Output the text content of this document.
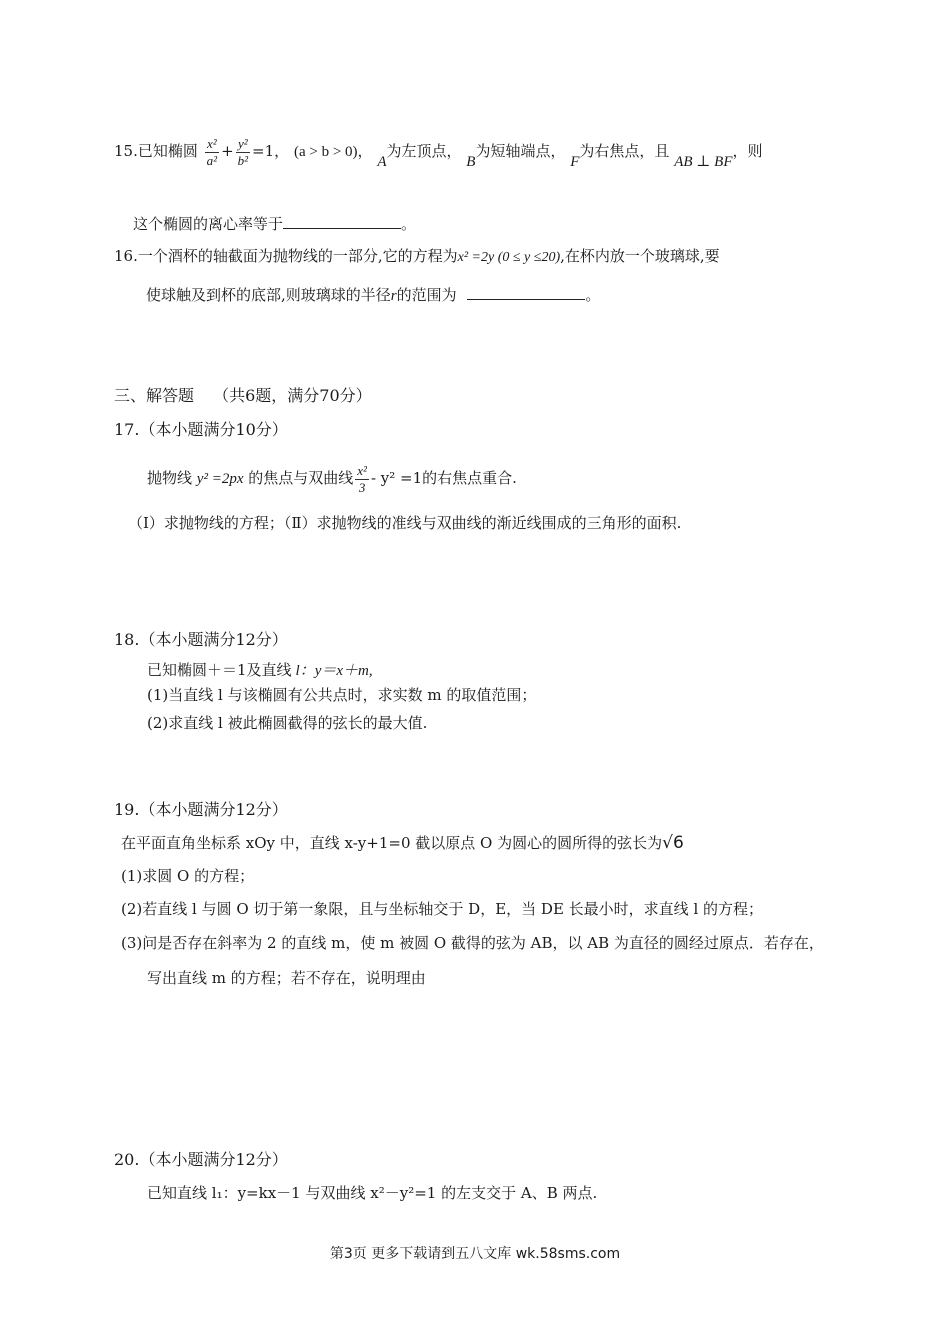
15.已知椭圆 $\frac{\text{x²}}{\text{a²}} + \frac{\text{y²}}{\text{b²}} =1$， (a > b > 0)， A为左顶点， B为短轴端点， F为右焦点，且 AB ⊥ BF，则
这个椭圆的离心率等于	。
16.一个酒杯的轴截面为抛物线的一部分,它的方程为x² =2y (0 ≤ y ≤20),在杯内放一个玻璃球,要
使球触及到杯的底部,则玻璃球的半径r的范围为	。
三、解答题 （共6题，满分70分）
17.（本小题满分10分）
抛物线 y² =2px 的焦点与双曲线 $\frac{\text{x²}}{3} - y^2 =1$的右焦点重合.
（Ⅰ）求抛物线的方程；（Ⅱ）求抛物线的准线与双曲线的渐近线围成的三角形的面积.
18.（本小题满分12分）
已知椭圆＋＝1及直线 l：y＝x＋m,
(1)当直线 l 与该椭圆有公共点时，求实数 m 的取值范围；
(2)求直线 l 被此椭圆截得的弦长的最大值.
19.（本小题满分12分）
在平面直角坐标系 xOy 中，直线 x-y+1=0 截以原点 O 为圆心的圆所得的弦长为√6
(1)求圆 O 的方程；
(2)若直线 l 与圆 O 切于第一象限，且与坐标轴交于 D，E，当 DE 长最小时，求直线 l 的方程；
(3)问是否存在斜率为 2 的直线 m，使 m 被圆 O 截得的弦为 AB，以 AB 为直径的圆经过原点．若存在，
写出直线 m 的方程；若不存在，说明理由
20.（本小题满分12分）
已知直线 l₁：y=kx－1 与双曲线 x²－y²=1 的左支交于 A、B 两点.
第3页 更多下载请到五八文库 wk.58sms.com
